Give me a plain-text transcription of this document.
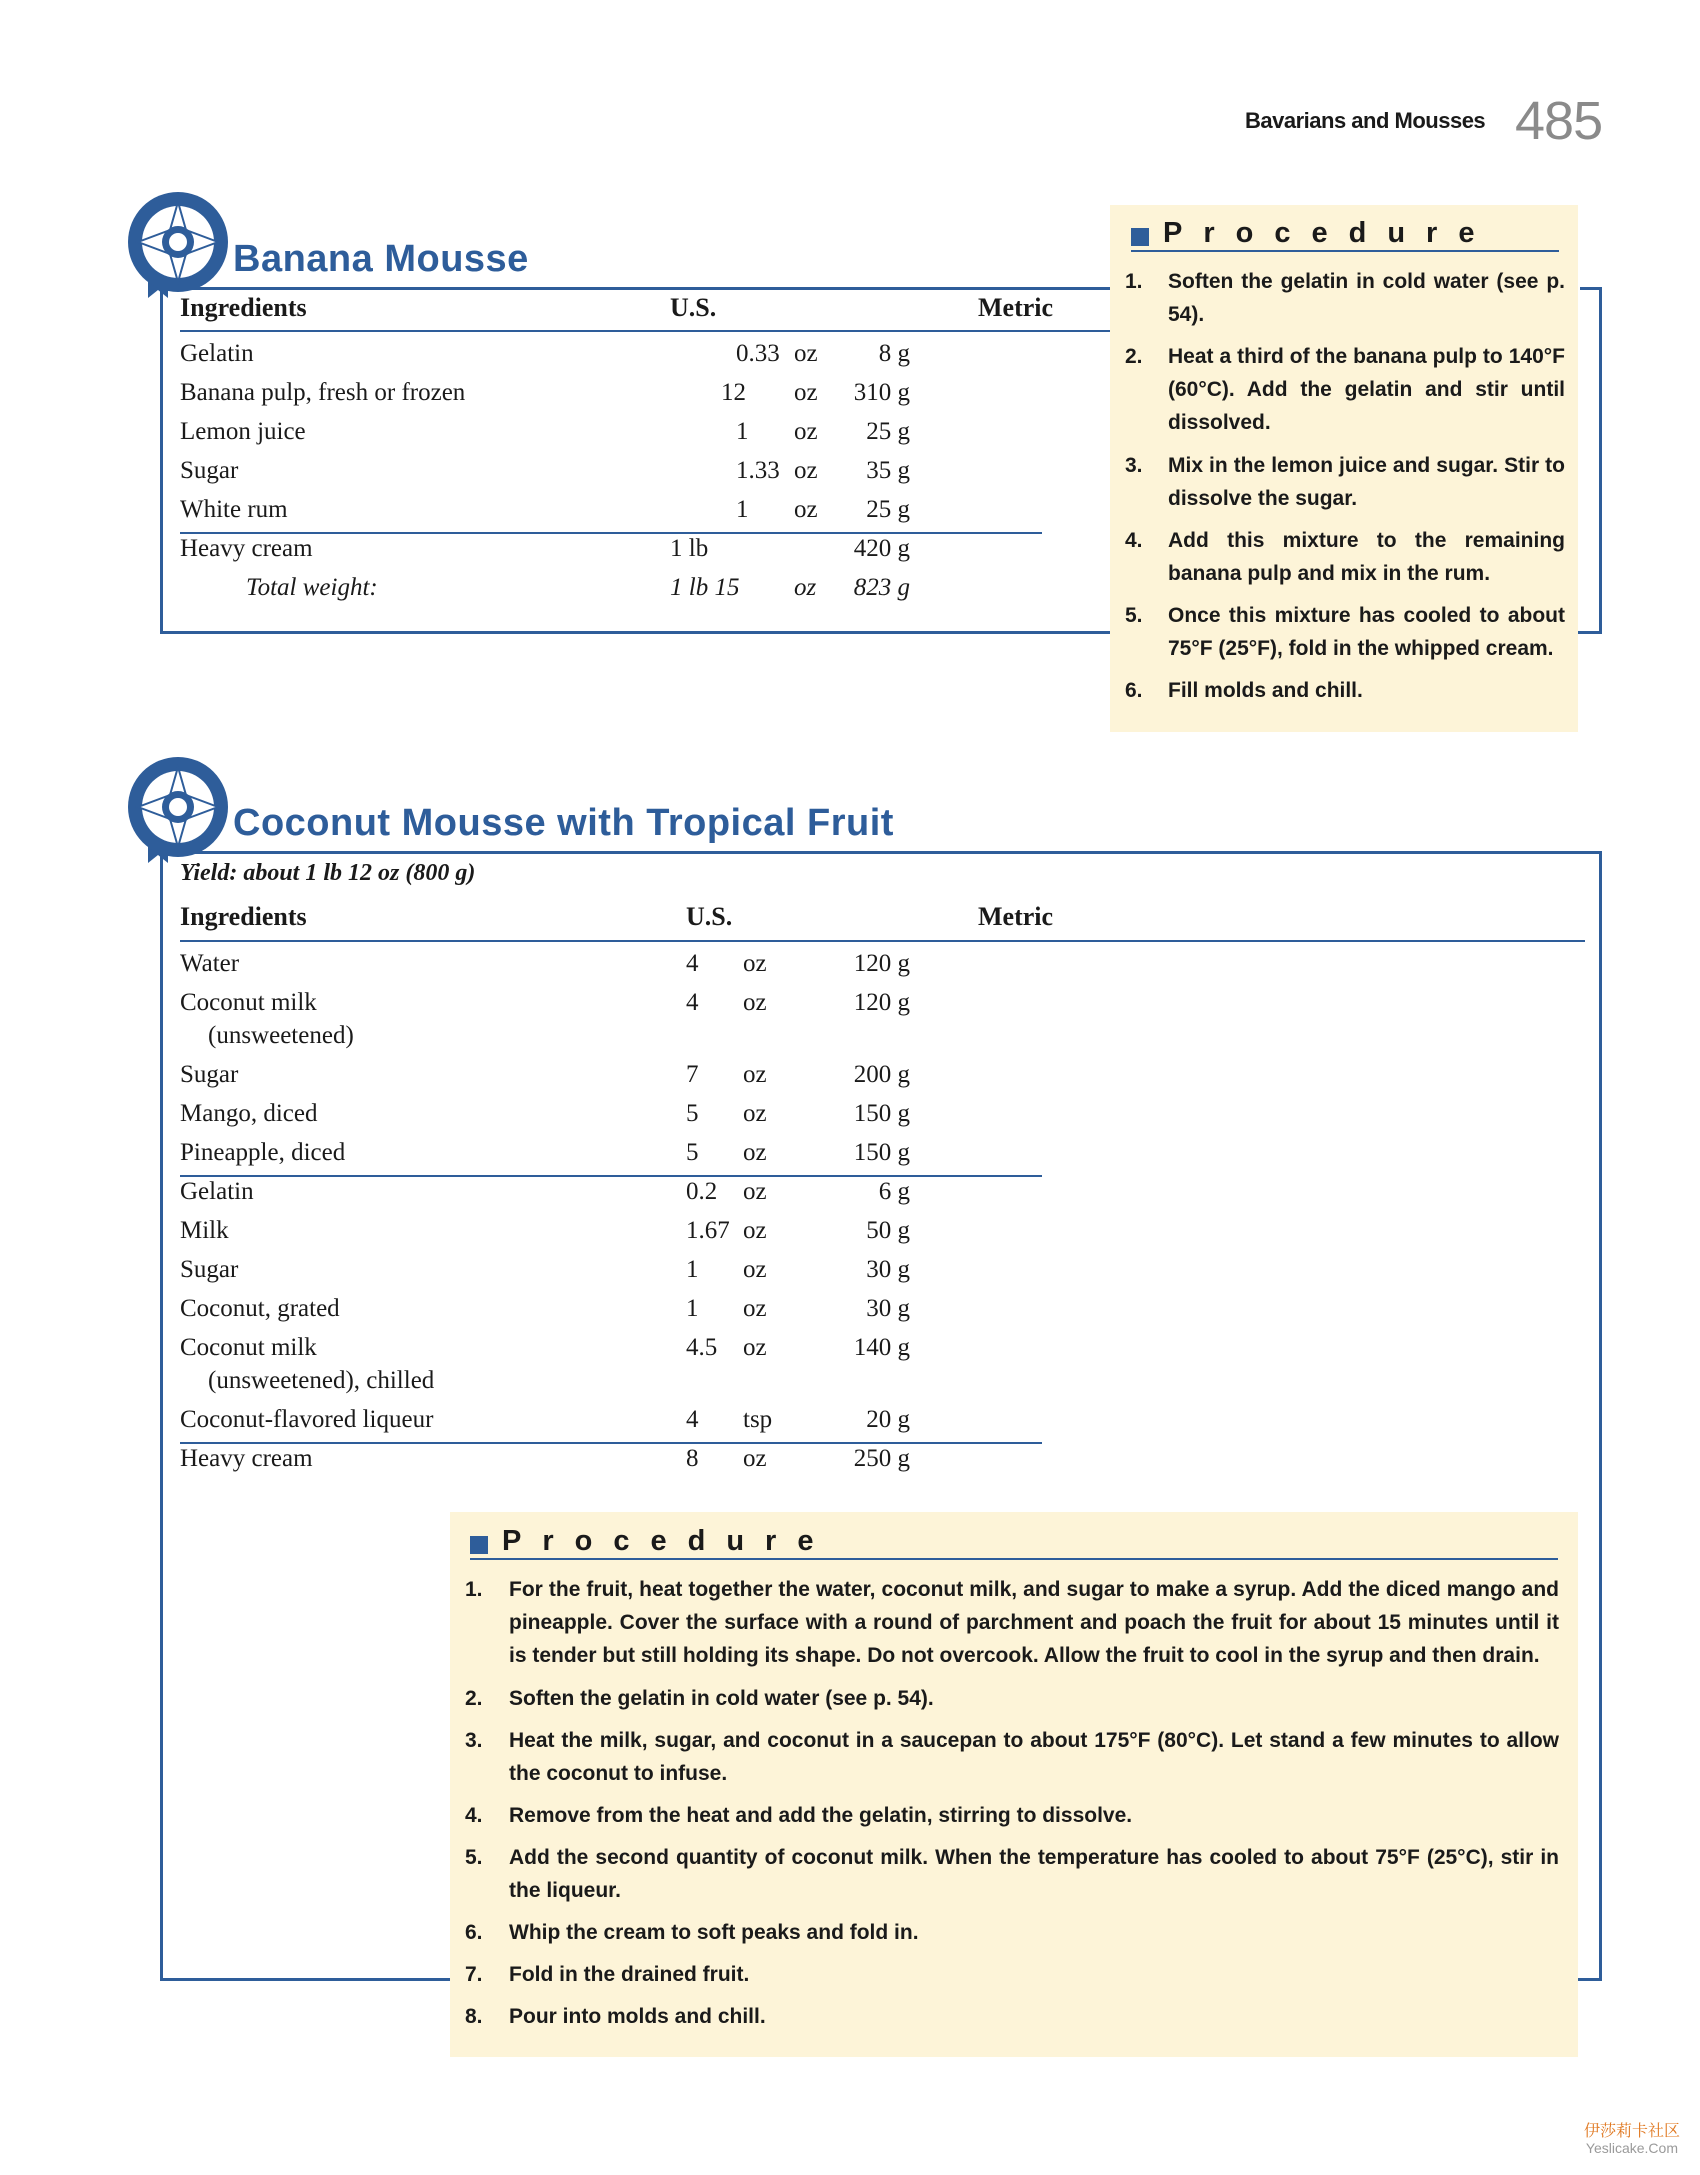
Bavarians and Mousses 485
Banana Mousse
Ingredients	U.S.	Metric
Gelatin	0.33 oz 8 g
Banana pulp, fresh or frozen	12 oz 310 g
Lemon juice	1 oz 25 g
Sugar	1.33 oz 35 g
White rum	1 oz 25 g
Heavy cream	1 lb	420 g
Total weight:	1 lb 15 oz 823 g
Procedure
1. Soften the gelatin in cold water (see p. 54).
2. Heat a third of the banana pulp to 140°F (60°C). Add the gelatin and stir until dissolved.
3. Mix in the lemon juice and sugar. Stir to dissolve the sugar.
4. Add this mixture to the remaining banana pulp and mix in the rum.
5. Once this mixture has cooled to about 75°F (25°F), fold in the whipped cream.
6. Fill molds and chill.
Coconut Mousse with Tropical Fruit
Yield: about 1 lb 12 oz (800 g)
Ingredients	U.S.	Metric
Water	4 oz	120 g
Coconut milk
(unsweetened)
4 oz	120 g
Sugar	7 oz	200 g
Mango, diced	5 oz	150 g
Pineapple, diced	5 oz	150 g
Gelatin	0.2 oz	6 g
Milk	1.67 oz	50 g
Sugar	1 oz	30 g
Coconut, grated	1 oz	30 g
Coconut milk
(unsweetened), chilled
4.5 oz	140 g
Coconut-flavored liqueur	4 tsp	20 g
Heavy cream	8 oz	250 g
Procedure
1. For the fruit, heat together the water, coconut milk, and sugar to make a syrup. Add the diced mango and pineapple. Cover the surface with a round of parchment and poach the fruit for about 15 minutes until it is tender but still holding its shape. Do not overcook. Allow the fruit to cool in the syrup and then drain.
2. Soften the gelatin in cold water (see p. 54).
3. Heat the milk, sugar, and coconut in a saucepan to about 175°F (80°C). Let stand a few minutes to allow the coconut to infuse.
4. Remove from the heat and add the gelatin, stirring to dissolve.
5. Add the second quantity of coconut milk. When the temperature has cooled to about 75°F (25°C), stir in the liqueur.
6. Whip the cream to soft peaks and fold in.
7. Fold in the drained fruit.
8. Pour into molds and chill.
伊莎莉卡社区
Yeslicake.Com
